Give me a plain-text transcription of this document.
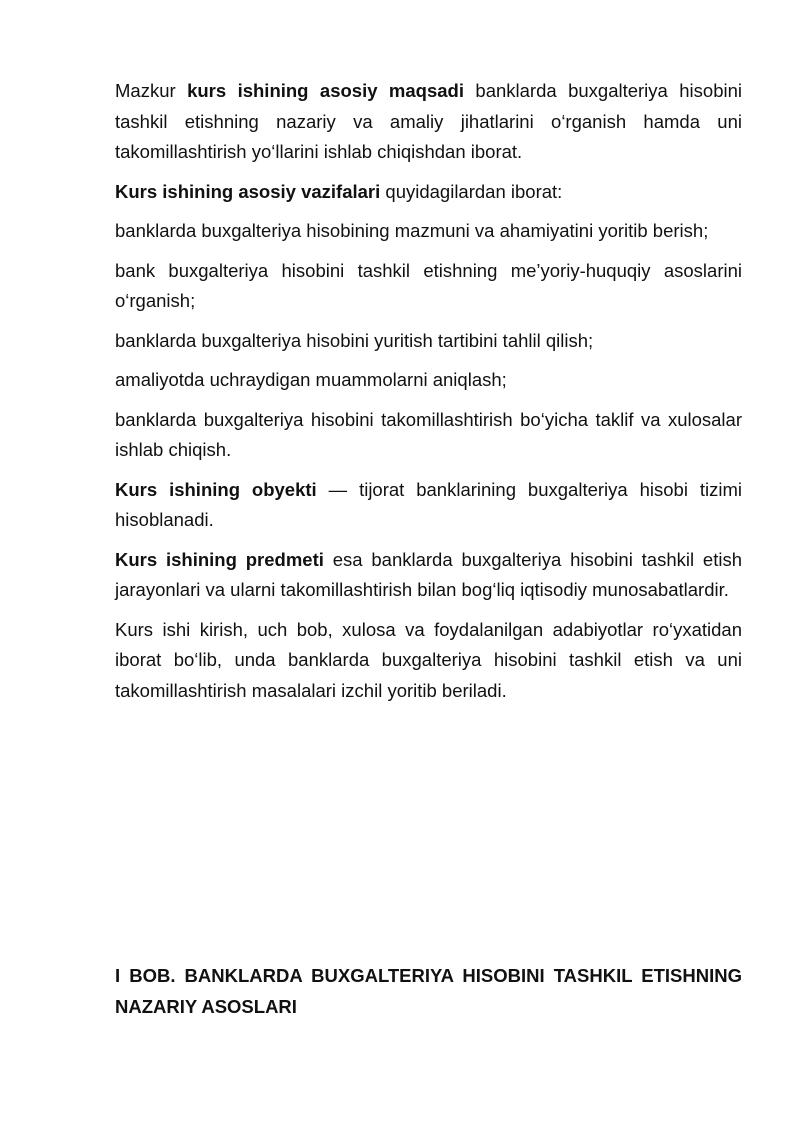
Mazkur kurs ishining asosiy maqsadi banklarda buxgalteriya hisobini tashkil etishning nazariy va amaliy jihatlarini o‘rganish hamda uni takomillashtirish yo‘llarini ishlab chiqishdan iborat.

Kurs ishining asosiy vazifalari quyidagilardan iborat:

banklarda buxgalteriya hisobining mazmuni va ahamiyatini yoritib berish;

bank buxgalteriya hisobini tashkil etishning me’yoriy-huquqiy asoslarini o‘rganish;

banklarda buxgalteriya hisobini yuritish tartibini tahlil qilish;

amaliyotda uchraydigan muammolarni aniqlash;

banklarda buxgalteriya hisobini takomillashtirish bo‘yicha taklif va xulosalar ishlab chiqish.

Kurs ishining obyekti — tijorat banklarining buxgalteriya hisobi tizimi hisoblanadi.

Kurs ishining predmeti esa banklarda buxgalteriya hisobini tashkil etish jarayonlari va ularni takomillashtirish bilan bog‘liq iqtisodiy munosabatlardir.

Kurs ishi kirish, uch bob, xulosa va foydalanilgan adabiyotlar ro‘yxatidan iborat bo‘lib, unda banklarda buxgalteriya hisobini tashkil etish va uni takomillashtirish masalalari izchil yoritib beriladi.

I BOB. BANKLARDA BUXGALTERIYA HISOBINI TASHKIL ETISHNING NAZARIY ASOSLARI
